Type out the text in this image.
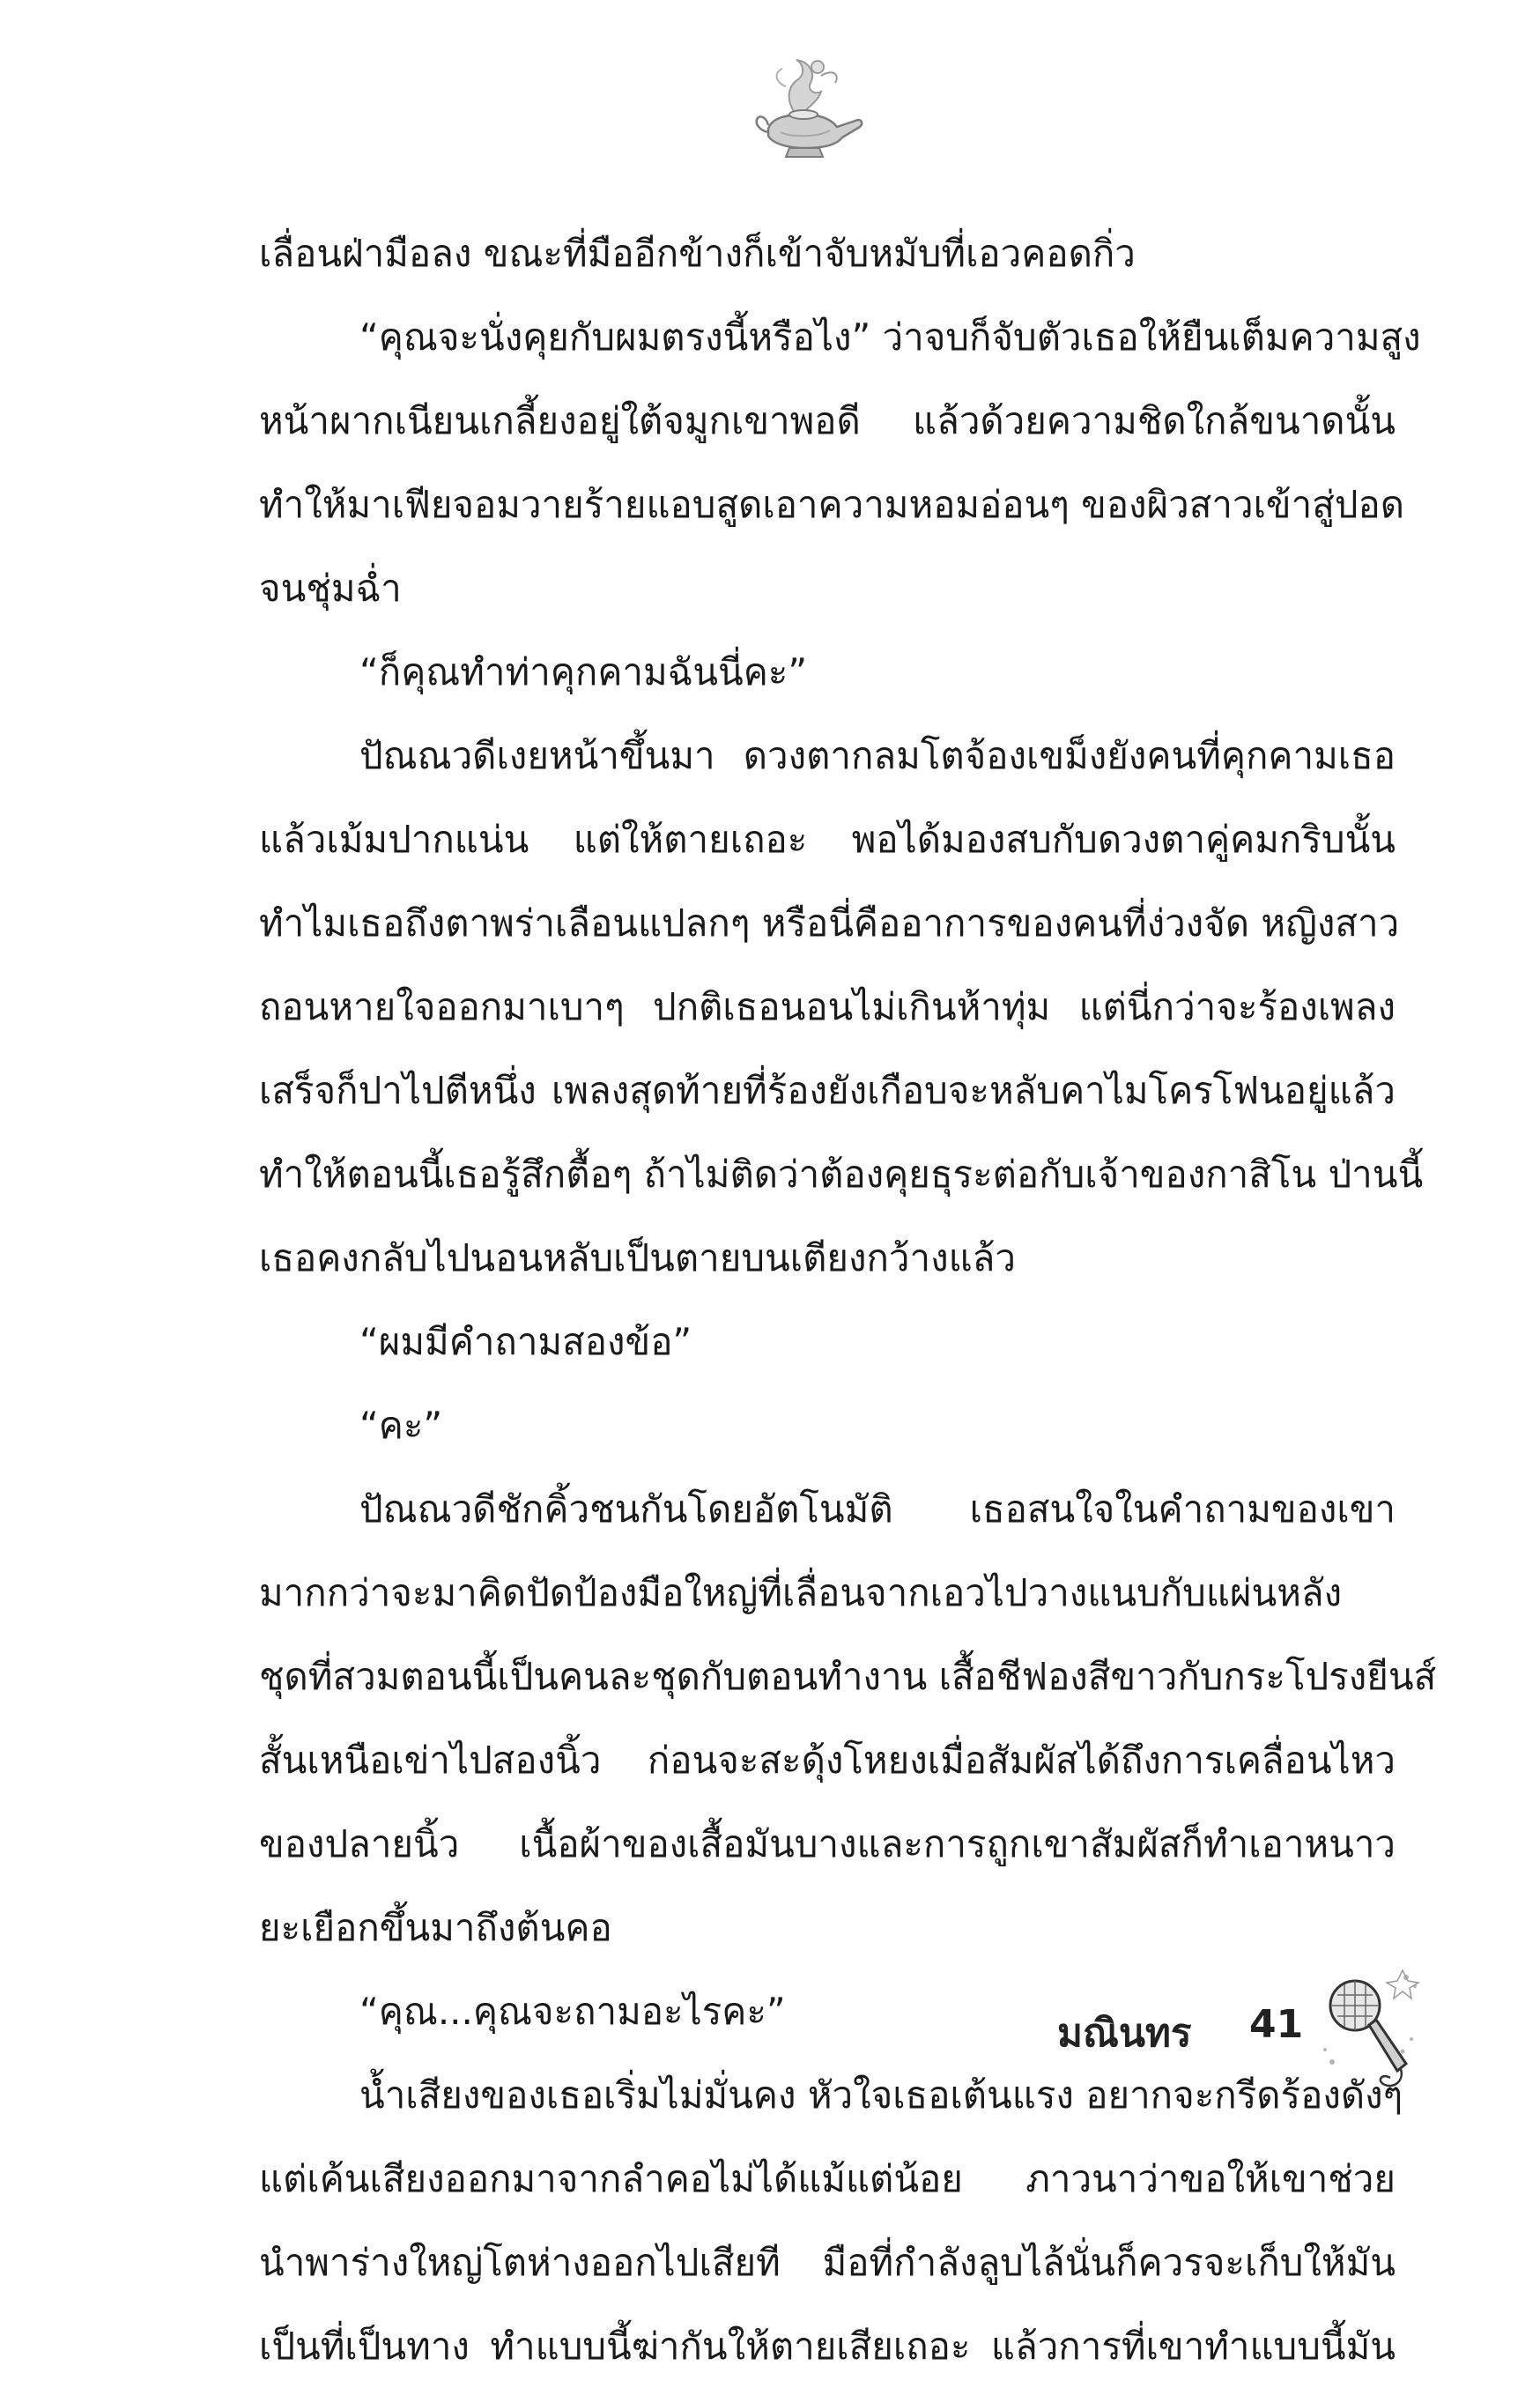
เลื่อนฝ่ามือลง ขณะที่มืออีกข้างก็เข้าจับหมับที่เอวคอดกิ่ว
“คุณจะนั่งคุยกับผมตรงนี้หรือไง” ว่าจบก็จับตัวเธอให้ยืนเต็มความสูง
หน้าผากเนียนเกลี้ยงอยู่ใต้จมูกเขาพอดี แล้วด้วยความชิดใกล้ขนาดนั้น
ทำให้มาเฟียจอมวายร้ายแอบสูดเอาความหอมอ่อนๆ ของผิวสาวเข้าสู่ปอด
จนชุ่มฉ่ำ
“ก็คุณทำท่าคุกคามฉันนี่คะ”
ปัณณวดีเงยหน้าขึ้นมา ดวงตากลมโตจ้องเขม็งยังคนที่คุกคามเธอ
แล้วเม้มปากแน่น แต่ให้ตายเถอะ พอได้มองสบกับดวงตาคู่คมกริบนั้น
ทำไมเธอถึงตาพร่าเลือนแปลกๆ หรือนี่คืออาการของคนที่ง่วงจัด หญิงสาว
ถอนหายใจออกมาเบาๆ ปกติเธอนอนไม่เกินห้าทุ่ม แต่นี่กว่าจะร้องเพลง
เสร็จก็ปาไปตีหนึ่ง เพลงสุดท้ายที่ร้องยังเกือบจะหลับคาไมโครโฟนอยู่แล้ว
ทำให้ตอนนี้เธอรู้สึกตื้อๆ ถ้าไม่ติดว่าต้องคุยธุระต่อกับเจ้าของกาสิโน ป่านนี้
เธอคงกลับไปนอนหลับเป็นตายบนเตียงกว้างแล้ว
“ผมมีคำถามสองข้อ”
“คะ”
ปัณณวดีชักคิ้วชนกันโดยอัตโนมัติ เธอสนใจในคำถามของเขา
มากกว่าจะมาคิดปัดป้องมือใหญ่ที่เลื่อนจากเอวไปวางแนบกับแผ่นหลัง
ชุดที่สวมตอนนี้เป็นคนละชุดกับตอนทำงาน เสื้อชีฟองสีขาวกับกระโปรงยีนส์
สั้นเหนือเข่าไปสองนิ้ว ก่อนจะสะดุ้งโหยงเมื่อสัมผัสได้ถึงการเคลื่อนไหว
ของปลายนิ้ว เนื้อผ้าของเสื้อมันบางและการถูกเขาสัมผัสก็ทำเอาหนาว
ยะเยือกขึ้นมาถึงต้นคอ
“คุณ...คุณจะถามอะไรคะ”
น้ำเสียงของเธอเริ่มไม่มั่นคง หัวใจเธอเต้นแรง อยากจะกรีดร้องดังๆ
แต่เค้นเสียงออกมาจากลำคอไม่ได้แม้แต่น้อย ภาวนาว่าขอให้เขาช่วย
นำพาร่างใหญ่โตห่างออกไปเสียที มือที่กำลังลูบไล้นั่นก็ควรจะเก็บให้มัน
เป็นที่เป็นทาง ทำแบบนี้ฆ่ากันให้ตายเสียเถอะ แล้วการที่เขาทำแบบนี้มัน
มณินทร 41
